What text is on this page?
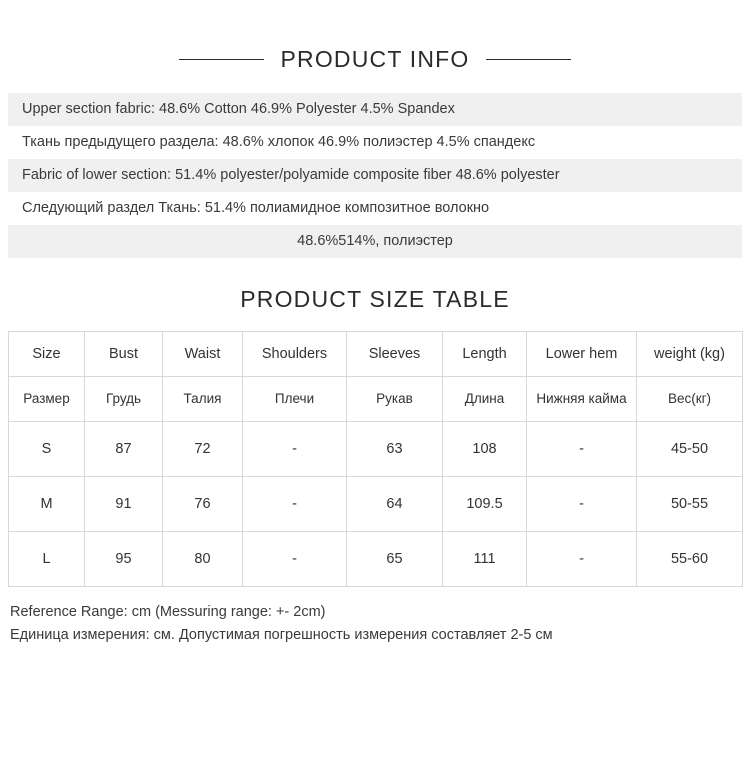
PRODUCT INFO
Upper section fabric: 48.6% Cotton 46.9% Polyester 4.5% Spandex
Ткань предыдущего раздела: 48.6% хлопок 46.9% полиэстер 4.5% спандекс
Fabric of lower section: 51.4% polyester/polyamide composite fiber 48.6% polyester
Следующий раздел Ткань: 51.4% полиамидное композитное волокно
48.6%514%, полиэстер
PRODUCT SIZE TABLE
Size	Bust	Waist	Shoulders	Sleeves	Length	Lower hem	weight (kg)
Размер	Грудь	Талия	Плечи	Рукав	Длина	Нижняя кайма	Вес(кг)
S	87	72	-	63	108	-	45-50
M	91	76	-	64	109.5	-	50-55
L	95	80	-	65	111	-	55-60
Reference Range: cm (Messuring range: +- 2cm)
Единица измерения: см. Допустимая погрешность измерения составляет 2-5 см
